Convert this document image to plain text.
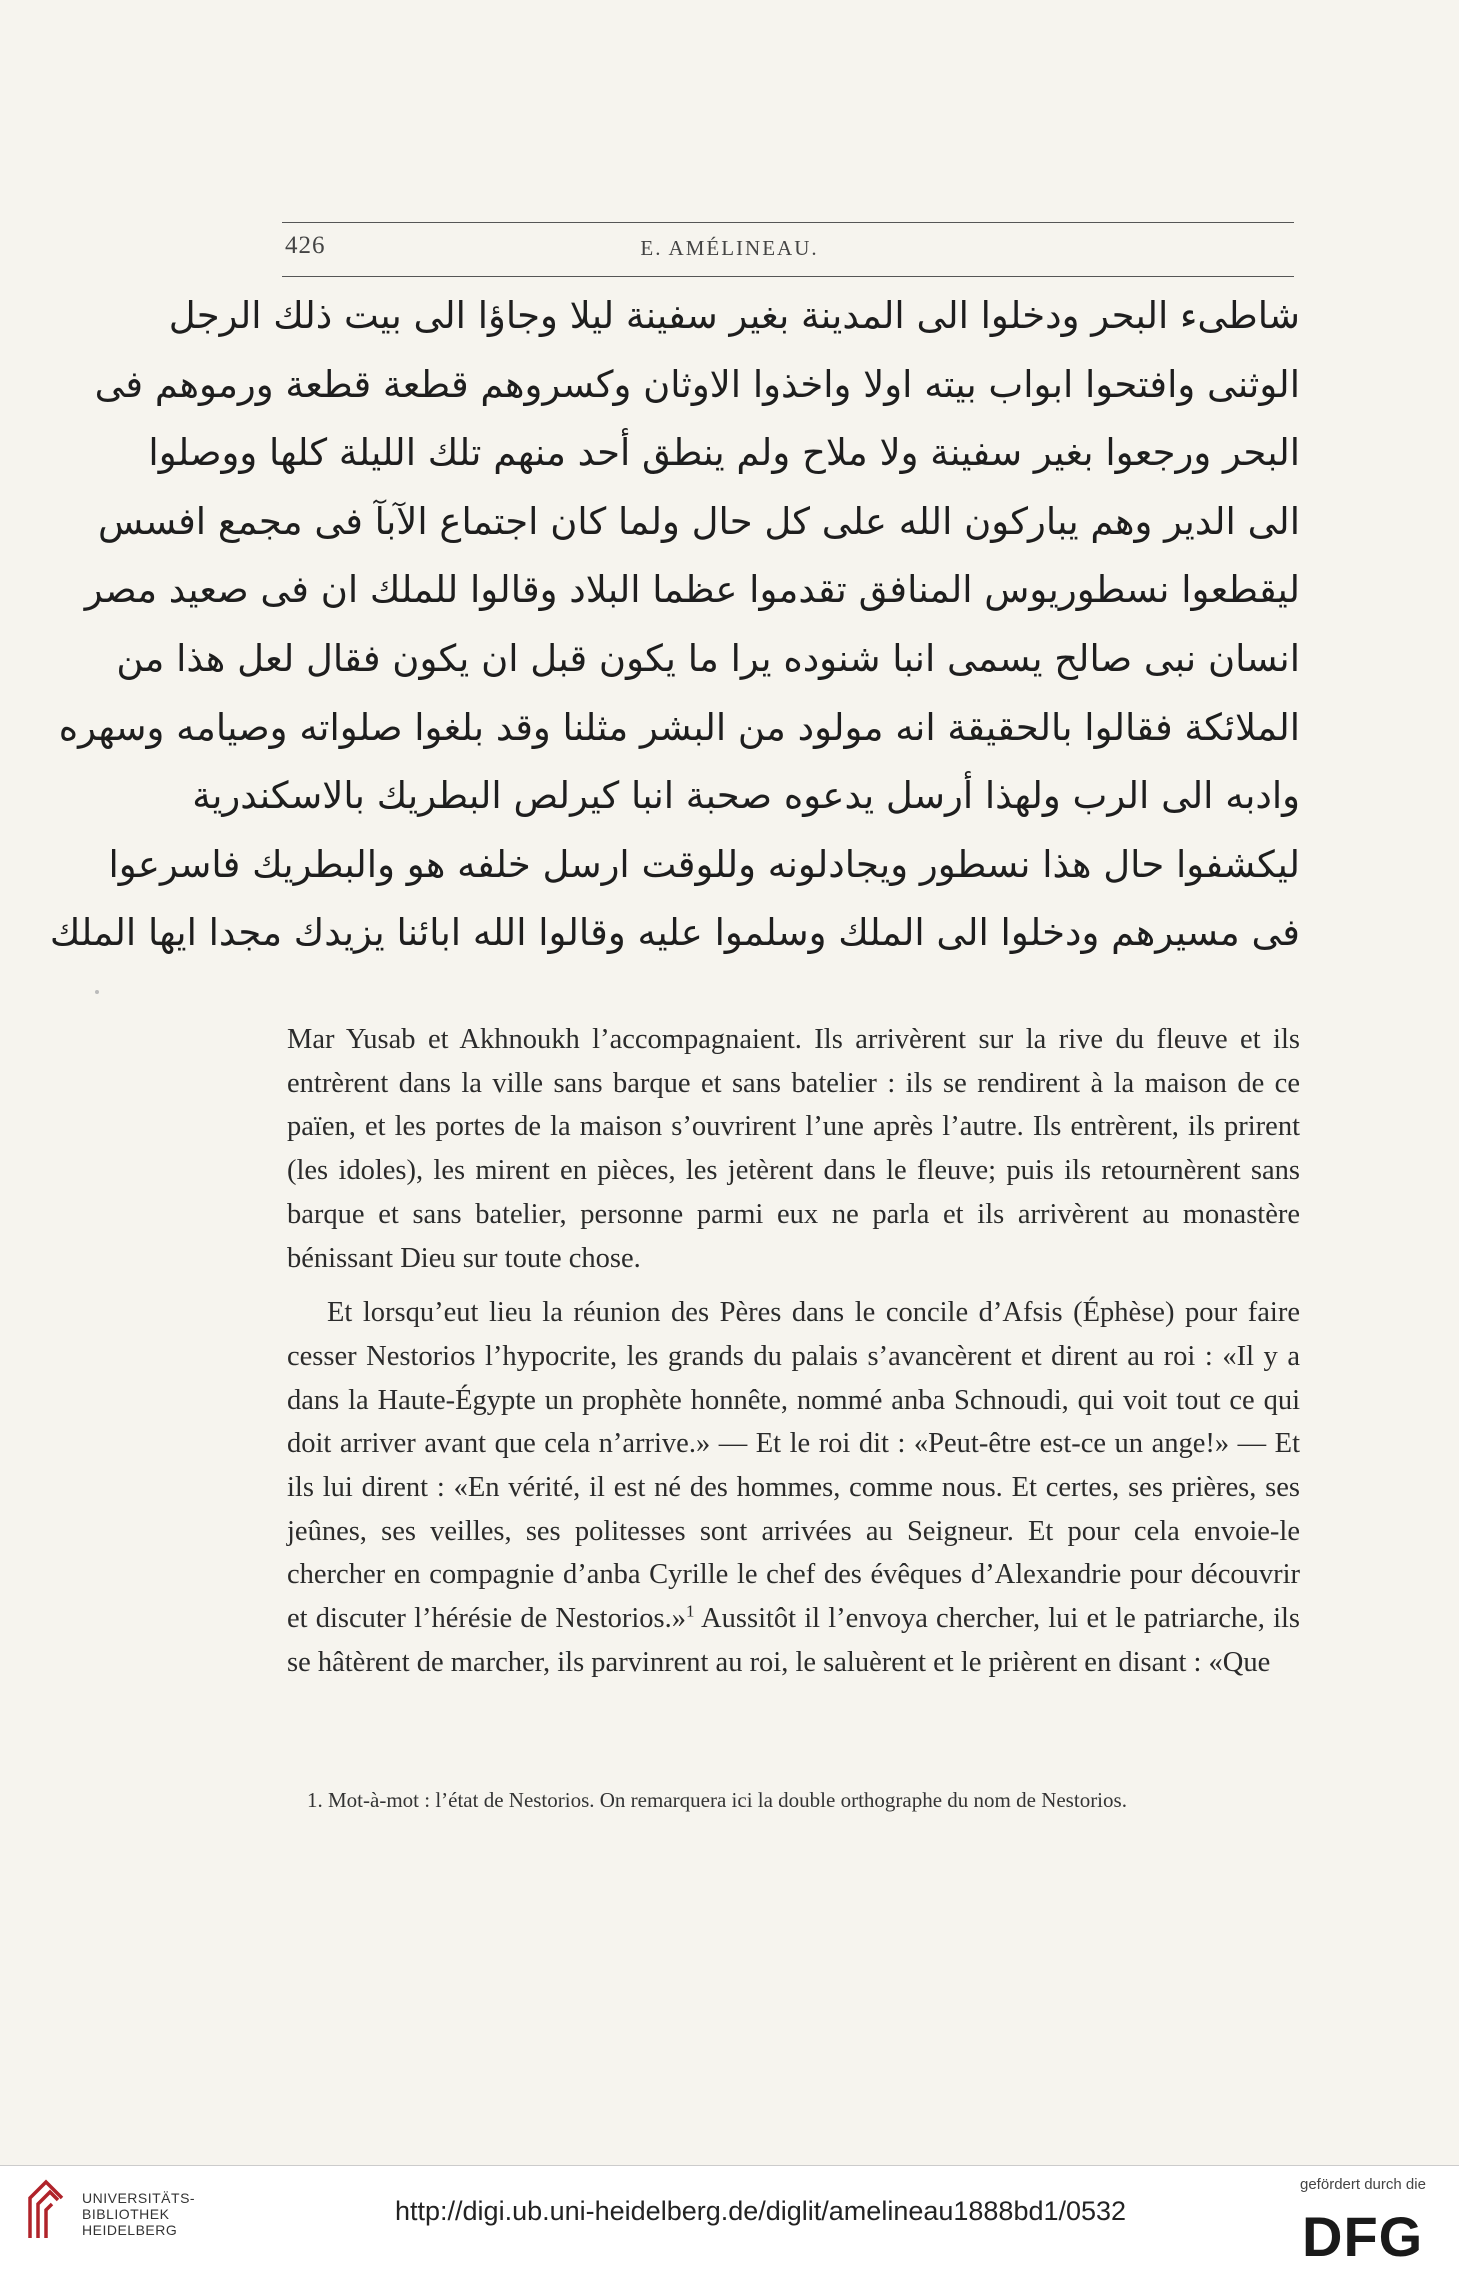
426	E. AMÉLINEAU.
شاطىء البحر ودخلوا الى المدينة بغير سفينة ليلا وجاؤا الى بيت ذلك الرجل
الوثنى وافتحوا ابواب بيته اولا واخذوا الاوثان وكسروهم قطعة قطعة ورموهم فى
البحر ورجعوا بغير سفينة ولا ملاح ولم ينطق أحد منهم تلك الليلة كلها ووصلوا
الى الدير وهم يباركون الله على كل حال ولما كان اجتماع الآبآ فى مجمع افسس
ليقطعوا نسطوريوس المنافق تقدموا عظما البلاد وقالوا للملك ان فى صعيد مصر
انسان نبى صالح يسمى انبا شنوده يرا ما يكون قبل ان يكون فقال لعل هذا من
الملائكة فقالوا بالحقيقة انه مولود من البشر مثلنا وقد بلغوا صلواته وصيامه وسهره
وادبه الى الرب ولهذا أرسل يدعوه صحبة انبا كيرلص البطريك بالاسكندرية
ليكشفوا حال هذا نسطور ويجادلونه وللوقت ارسل خلفه هو والبطريك فاسرعوا
فى مسيرهم ودخلوا الى الملك وسلموا عليه وقالوا الله ابائنا يزيدك مجدا ايها الملك

Mar Yusab et Akhnoukh l’accompagnaient. Ils arrivèrent sur la rive du fleuve et ils entrèrent dans la ville sans barque et sans batelier : ils se rendirent à la maison de ce païen, et les portes de la maison s’ouvrirent l’une après l’autre. Ils entrèrent, ils prirent (les idoles), les mirent en pièces, les jetèrent dans le fleuve; puis ils retournèrent sans barque et sans batelier, personne parmi eux ne parla et ils arrivèrent au monastère bénissant Dieu sur toute chose.

Et lorsqu’eut lieu la réunion des Pères dans le concile d’Afsis (Éphèse) pour faire cesser Nestorios l’hypocrite, les grands du palais s’avancèrent et dirent au roi : «Il y a dans la Haute-Égypte un prophète honnête, nommé anba Schnoudi, qui voit tout ce qui doit arriver avant que cela n’arrive.» — Et le roi dit : «Peut-être est-ce un ange!» — Et ils lui dirent : «En vérité, il est né des hommes, comme nous. Et certes, ses prières, ses jeûnes, ses veilles, ses politesses sont arrivées au Seigneur. Et pour cela envoie-le chercher en compagnie d’anba Cyrille le chef des évêques d’Alexandrie pour découvrir et discuter l’hérésie de Nestorios.»$^1$ Aussitôt il l’envoya chercher, lui et le patriarche, ils se hâtèrent de marcher, ils parvinrent au roi, le saluèrent et le prièrent en disant : «Que

1. Mot-à-mot : l’état de Nestorios. On remarquera ici la double orthographe du nom de Nestorios.
UNIVERSITÄTS-
BIBLIOTHEK
HEIDELBERG
http://digi.ub.uni-heidelberg.de/diglit/amelineau1888bd1/0532
gefördert durch die
DFG
